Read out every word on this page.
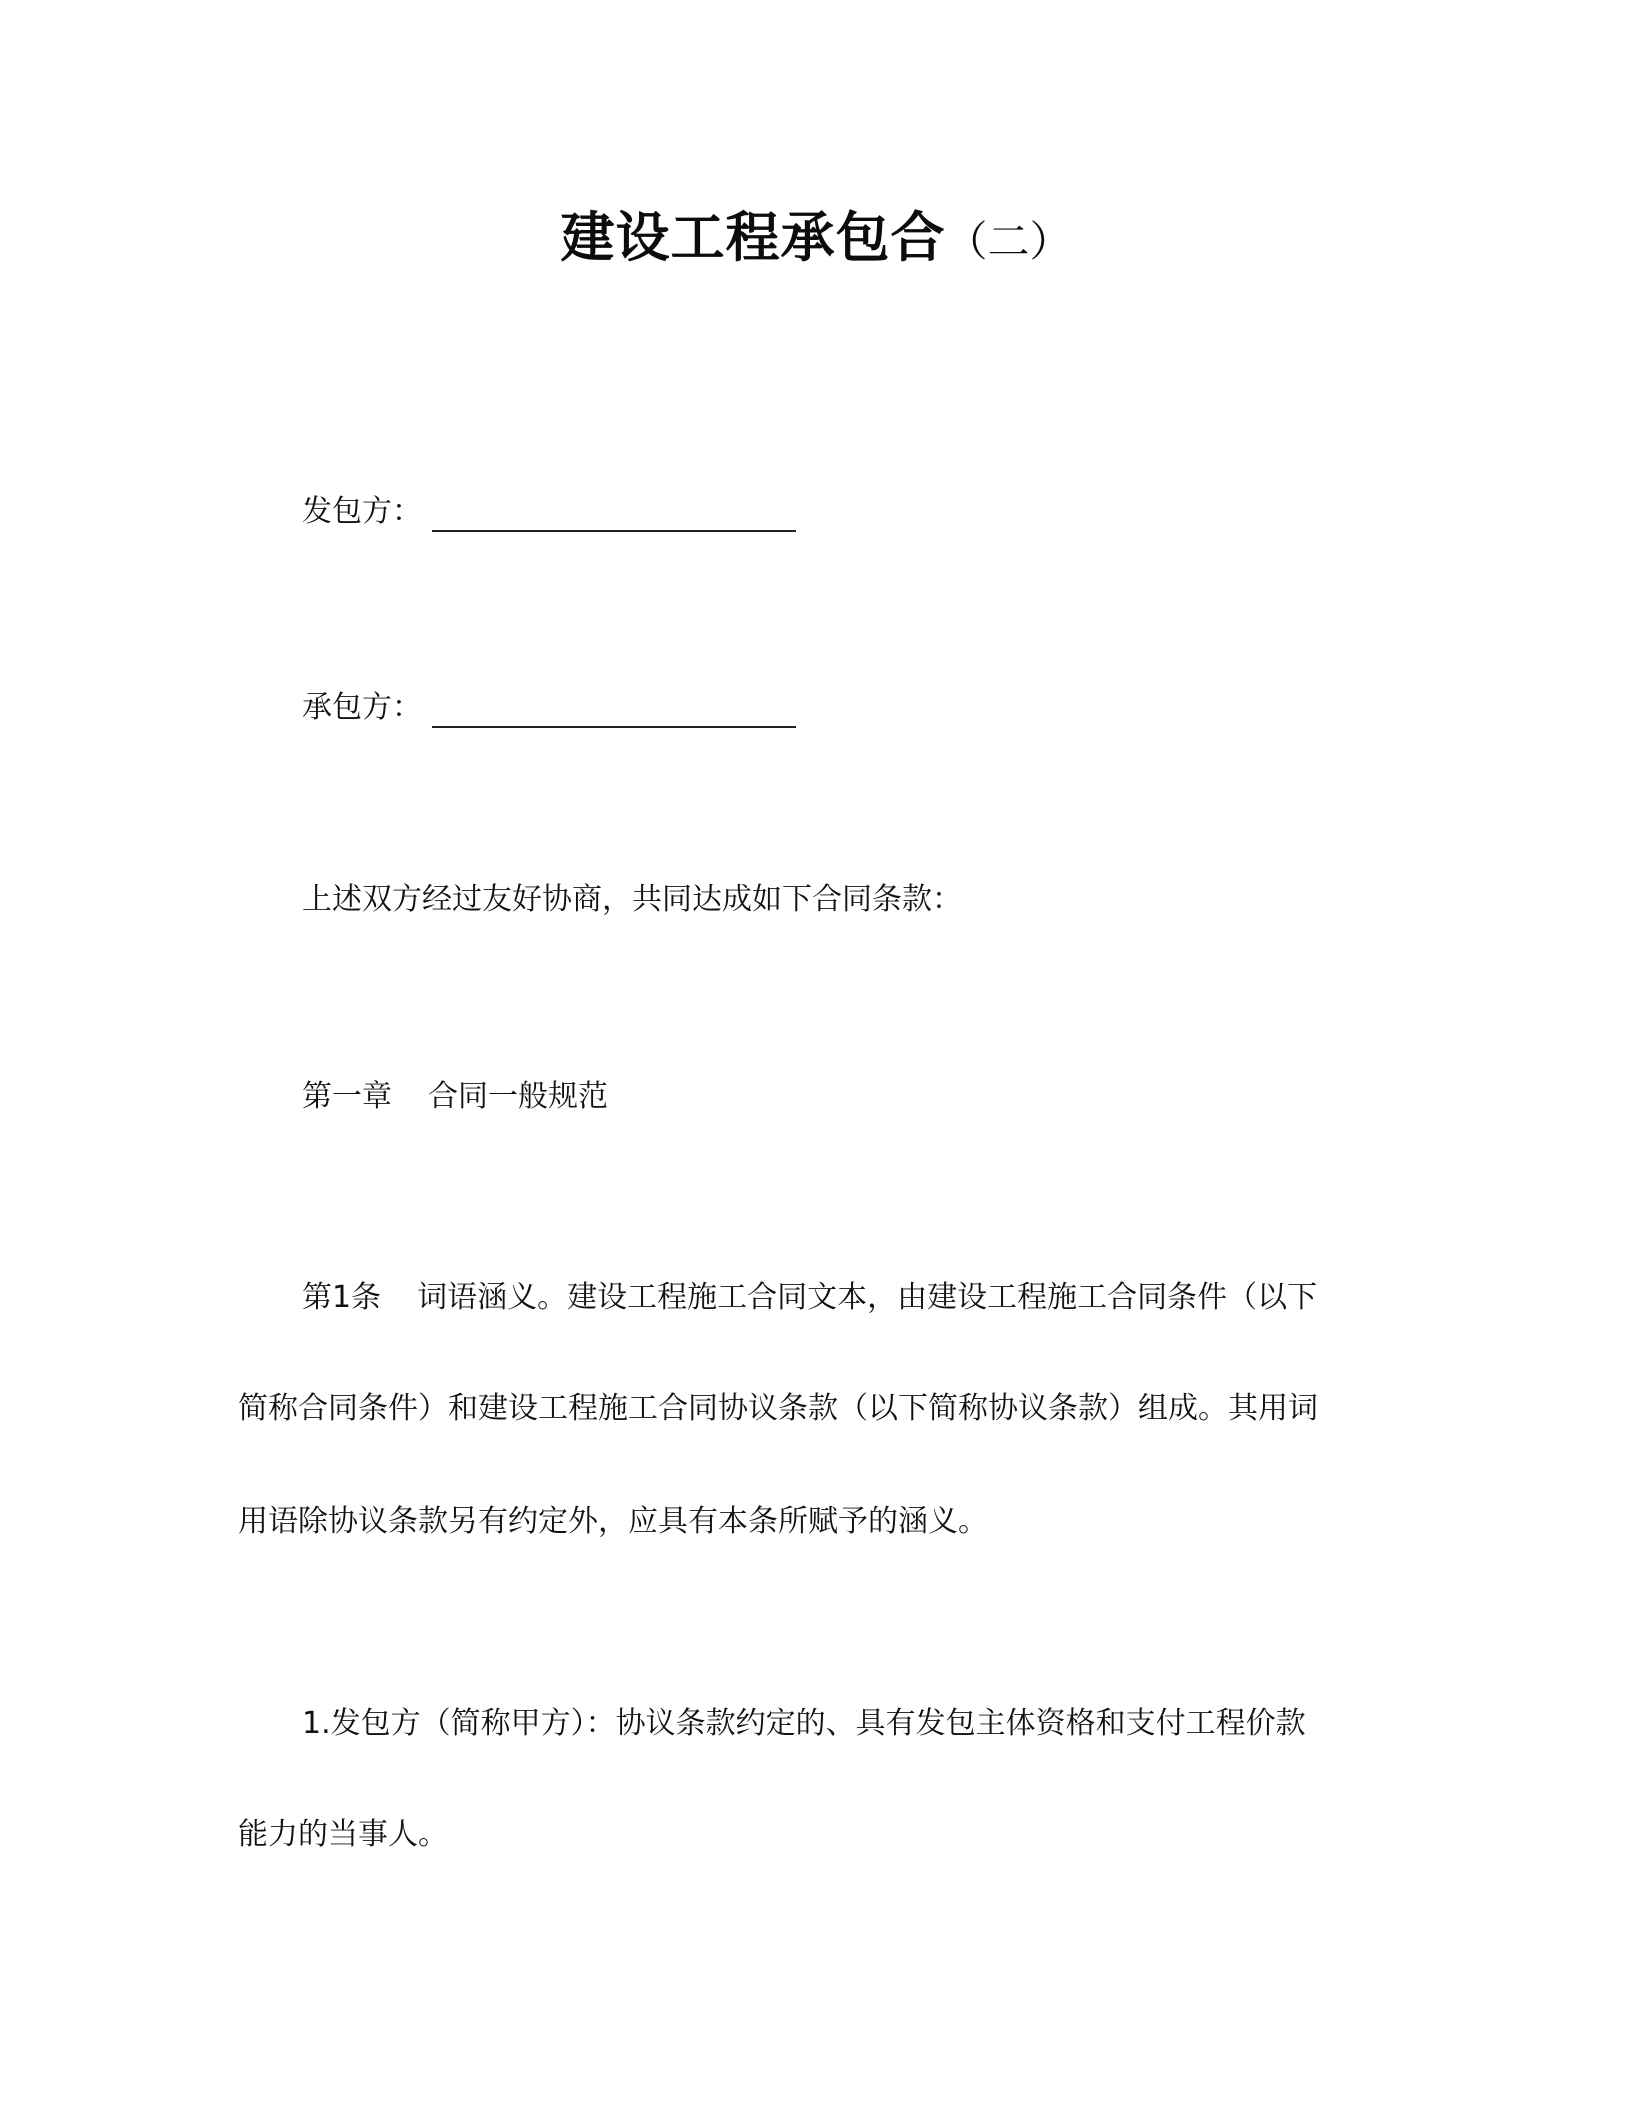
建设工程承包合（二）
发包方：
承包方：
上述双方经过友好协商，共同达成如下合同条款：
第一章 合同一般规范
第1条 词语涵义。建设工程施工合同文本，由建设工程施工合同条件（以下
简称合同条件）和建设工程施工合同协议条款（以下简称协议条款）组成。其用词
用语除协议条款另有约定外，应具有本条所赋予的涵义。
1.发包方（简称甲方）：协议条款约定的、具有发包主体资格和支付工程价款
能力的当事人。
